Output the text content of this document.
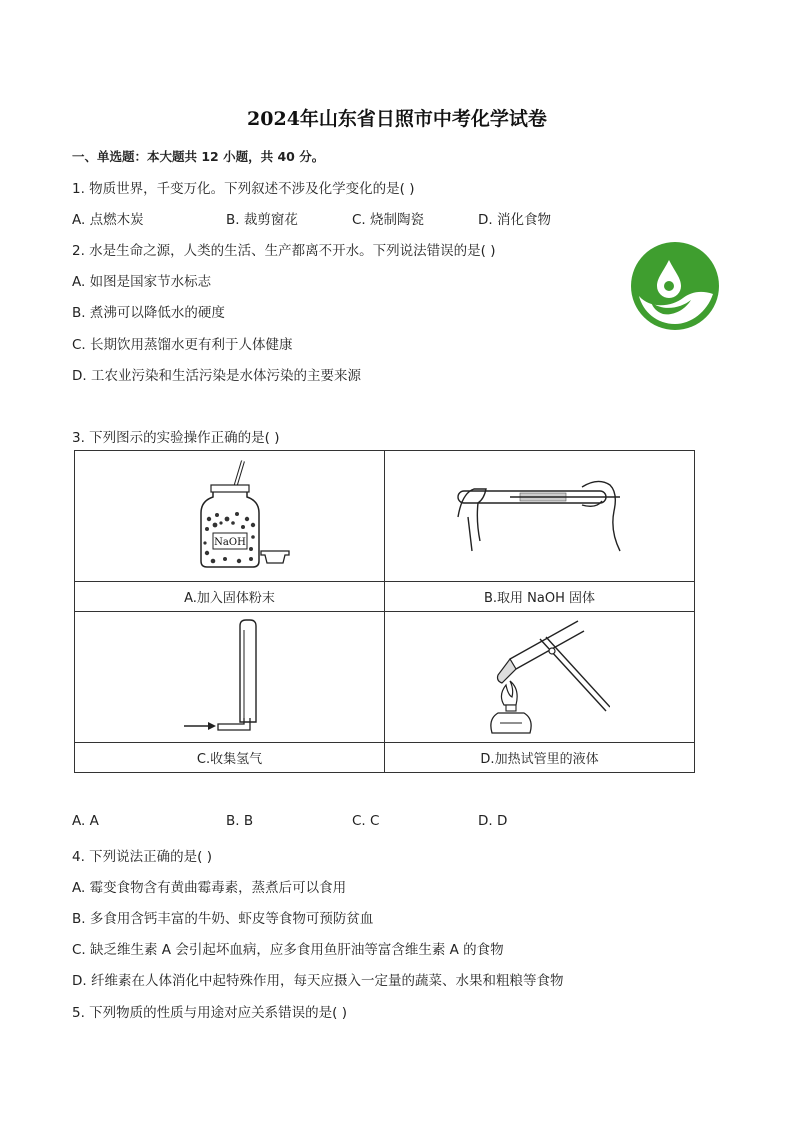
2024年山东省日照市中考化学试卷
一、单选题：本大题共 12 小题，共 40 分。
1. 物质世界，千变万化。下列叙述不涉及化学变化的是( )
A. 点燃木炭	B. 裁剪窗花	C. 烧制陶瓷	D. 消化食物
2. 水是生命之源，人类的生活、生产都离不开水。下列说法错误的是( )
A. 如图是国家节水标志
B. 煮沸可以降低水的硬度
C. 长期饮用蒸馏水更有利于人体健康
D. 工农业污染和生活污染是水体污染的主要来源
3. 下列图示的实验操作正确的是( )
NaOH

A.加入固体粉末	B.取用 NaOH 固体

C.收集氢气	D.加热试管里的液体
A. A	B. B	C. C	D. D
4. 下列说法正确的是( )
A. 霉变食物含有黄曲霉毒素，蒸煮后可以食用
B. 多食用含钙丰富的牛奶、虾皮等食物可预防贫血
C. 缺乏维生素 A 会引起坏血病，应多食用鱼肝油等富含维生素 A 的食物
D. 纤维素在人体消化中起特殊作用，每天应摄入一定量的蔬菜、水果和粗粮等食物
5. 下列物质的性质与用途对应关系错误的是( )
